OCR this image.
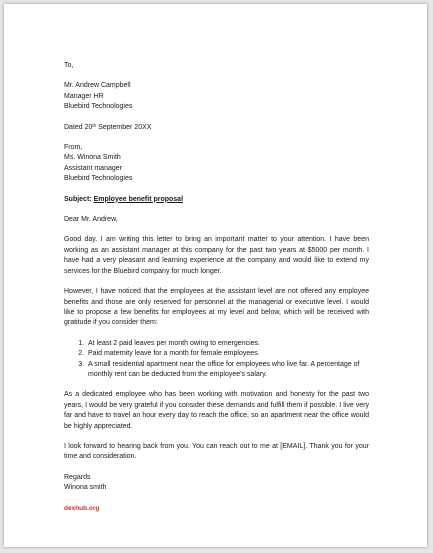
To,
Mr. Andrew Campbell
Manager HR
Bluebird Technologies
Dated 20th September 20XX
From,
Ms. Winona Smith
Assistant manager
Bluebird Technologies
Subject: Employee benefit proposal
Dear Mr. Andrew,

Good day. I am writing this letter to bring an important matter to your attention. I have been working as an assistant manager at this company for the past two years at $5000 per month. I have had a very pleasant and learning experience at the company and would like to extend my services for the Bluebird company for much longer.

However, I have noticed that the employees at the assistant level are not offered any employee benefits and those are only reserved for personnel at the managerial or executive level. I would like to propose a few benefits for employees at my level and below, which will be received with gratitude if you consider them:

1. At least 2 paid leaves per month owing to emergencies.
2. Paid maternity leave for a month for female employees.
3. A small residential apartment near the office for employees who live far. A percentage of monthly rent can be deducted from the employee's salary.

As a dedicated employee who has been working with motivation and honesty for the past two years, I would be very grateful if you consider these demands and fulfill them if possible. I live very far and have to travel an hour every day to reach the office, so an apartment near the office would be highly appreciated.

I look forward to hearing back from you. You can reach out to me at [EMAIL]. Thank you for your time and consideration.

Regards
Winona smith
dexhub.org
